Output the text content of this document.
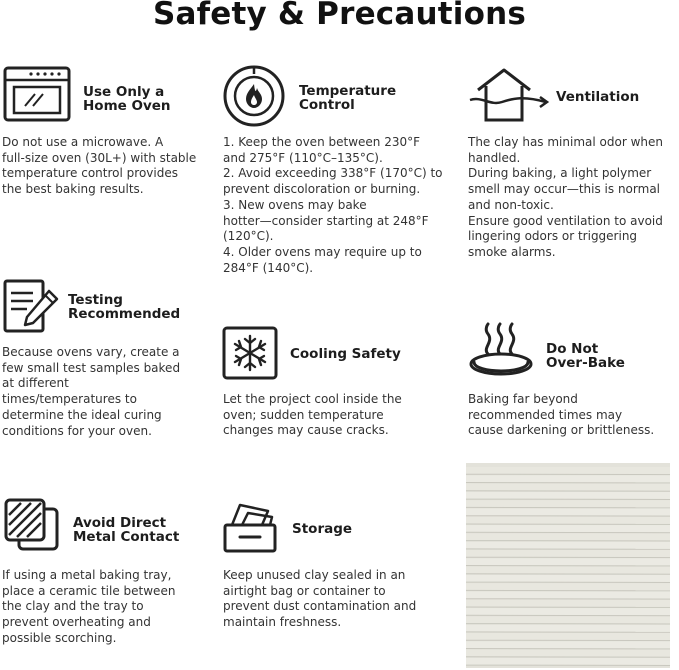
Safety & Precautions
Use Only a
Home Oven
Do not use a microwave. A
full-size oven (30L+) with stable
temperature control provides
the best baking results.
Temperature
Control
1. Keep the oven between 230°F
and 275°F (110°C–135°C).
2. Avoid exceeding 338°F (170°C) to
prevent discoloration or burning.
3. New ovens may bake
hotter—consider starting at 248°F
(120°C).
4. Older ovens may require up to
284°F (140°C).
Ventilation
The clay has minimal odor when
handled.
During baking, a light polymer
smell may occur—this is normal
and non-toxic.
Ensure good ventilation to avoid
lingering odors or triggering
smoke alarms.
Testing
Recommended
Because ovens vary, create a
few small test samples baked
at different
times/temperatures to
determine the ideal curing
conditions for your oven.
Cooling Safety
Let the project cool inside the
oven; sudden temperature
changes may cause cracks.
Do Not
Over-Bake
Baking far beyond
recommended times may
cause darkening or brittleness.
Avoid Direct
Metal Contact
If using a metal baking tray,
place a ceramic tile between
the clay and the tray to
prevent overheating and
possible scorching.
Storage
Keep unused clay sealed in an
airtight bag or container to
prevent dust contamination and
maintain freshness.
